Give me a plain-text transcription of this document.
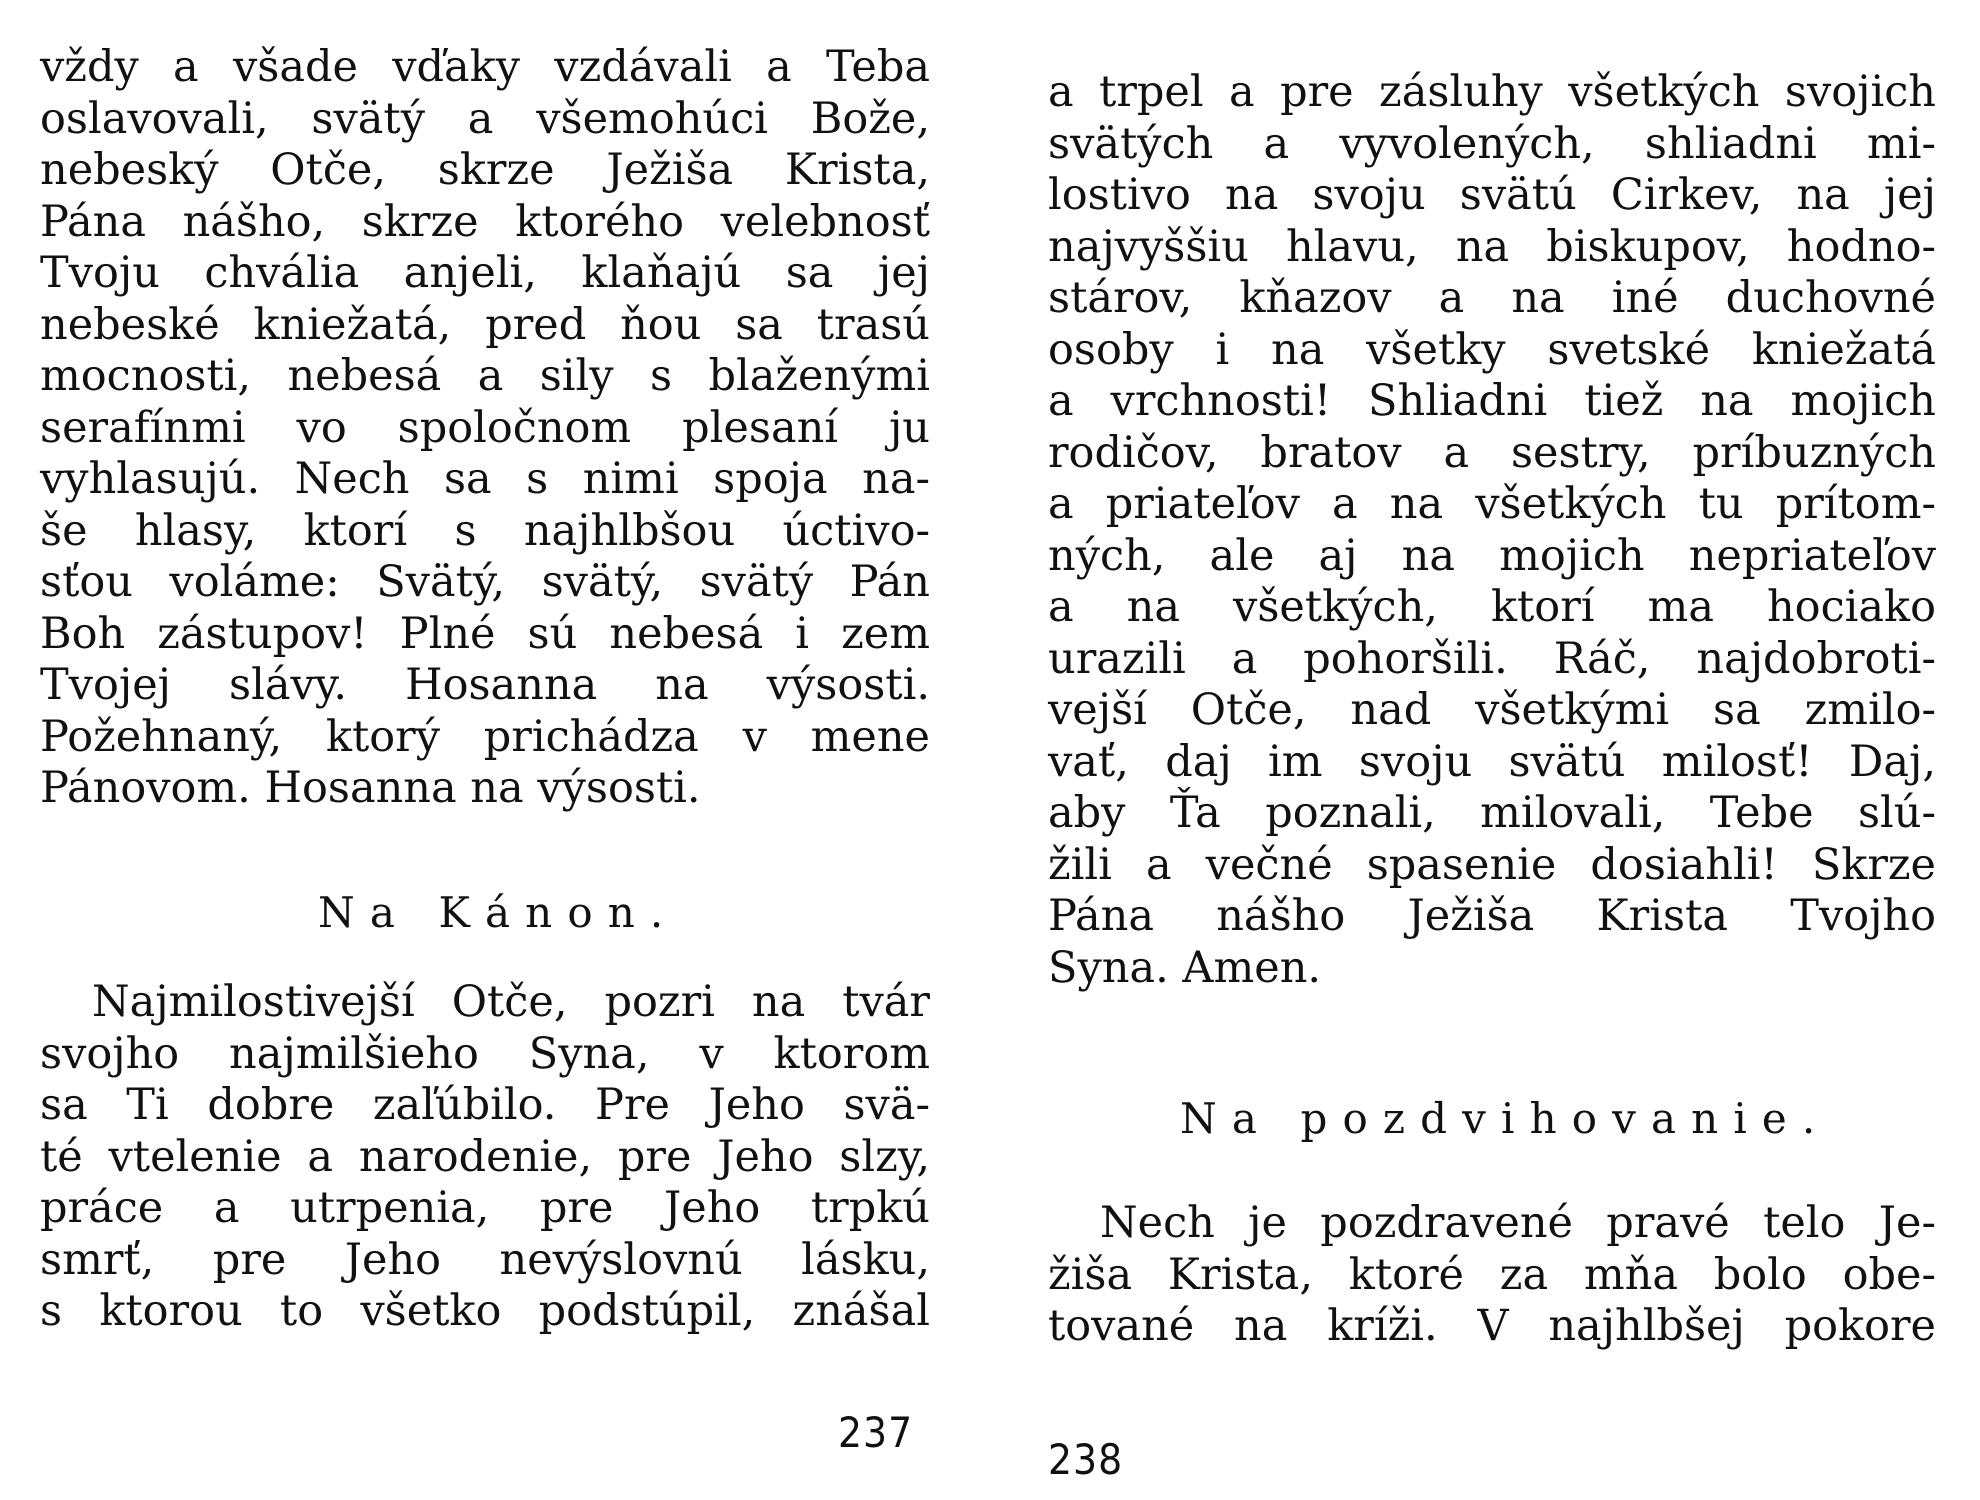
vždy a všade vďaky vzdávali a Teba
oslavovali, svätý a všemohúci Bože,
nebeský Otče, skrze Ježiša Krista,
Pána nášho, skrze ktorého velebnosť
Tvoju chvália anjeli, klaňajú sa jej
nebeské kniežatá, pred ňou sa trasú
mocnosti, nebesá a sily s blaženými
serafínmi vo spoločnom plesaní ju
vyhlasujú. Nech sa s nimi spoja na-
še hlasy, ktorí s najhlbšou úctivo-
sťou voláme: Svätý, svätý, svätý Pán
Boh zástupov! Plné sú nebesá i zem
Tvojej slávy. Hosanna na výsosti.
Požehnaný, ktorý prichádza v mene
Pánovom. Hosanna na výsosti.
Na Kánon.
Najmilostivejší Otče, pozri na tvár
svojho najmilšieho Syna, v ktorom
sa Ti dobre zaľúbilo. Pre Jeho svä-
té vtelenie a narodenie, pre Jeho slzy,
práce a utrpenia, pre Jeho trpkú
smrť, pre Jeho nevýslovnú lásku,
s ktorou to všetko podstúpil, znášal
237
a trpel a pre zásluhy všetkých svojich
svätých a vyvolených, shliadni mi-
lostivo na svoju svätú Cirkev, na jej
najvyššiu hlavu, na biskupov, hodno-
stárov, kňazov a na iné duchovné
osoby i na všetky svetské kniežatá
a vrchnosti! Shliadni tiež na mojich
rodičov, bratov a sestry, príbuzných
a priateľov a na všetkých tu prítom-
ných, ale aj na mojich nepriateľov
a na všetkých, ktorí ma hociako
urazili a pohoršili. Ráč, najdobroti-
vejší Otče, nad všetkými sa zmilo-
vať, daj im svoju svätú milosť! Daj,
aby Ťa poznali, milovali, Tebe slú-
žili a večné spasenie dosiahli! Skrze
Pána nášho Ježiša Krista Tvojho
Syna. Amen.
Na pozdvihovanie.
Nech je pozdravené pravé telo Je-
žiša Krista, ktoré za mňa bolo obe-
tované na kríži. V najhlbšej pokore
238
